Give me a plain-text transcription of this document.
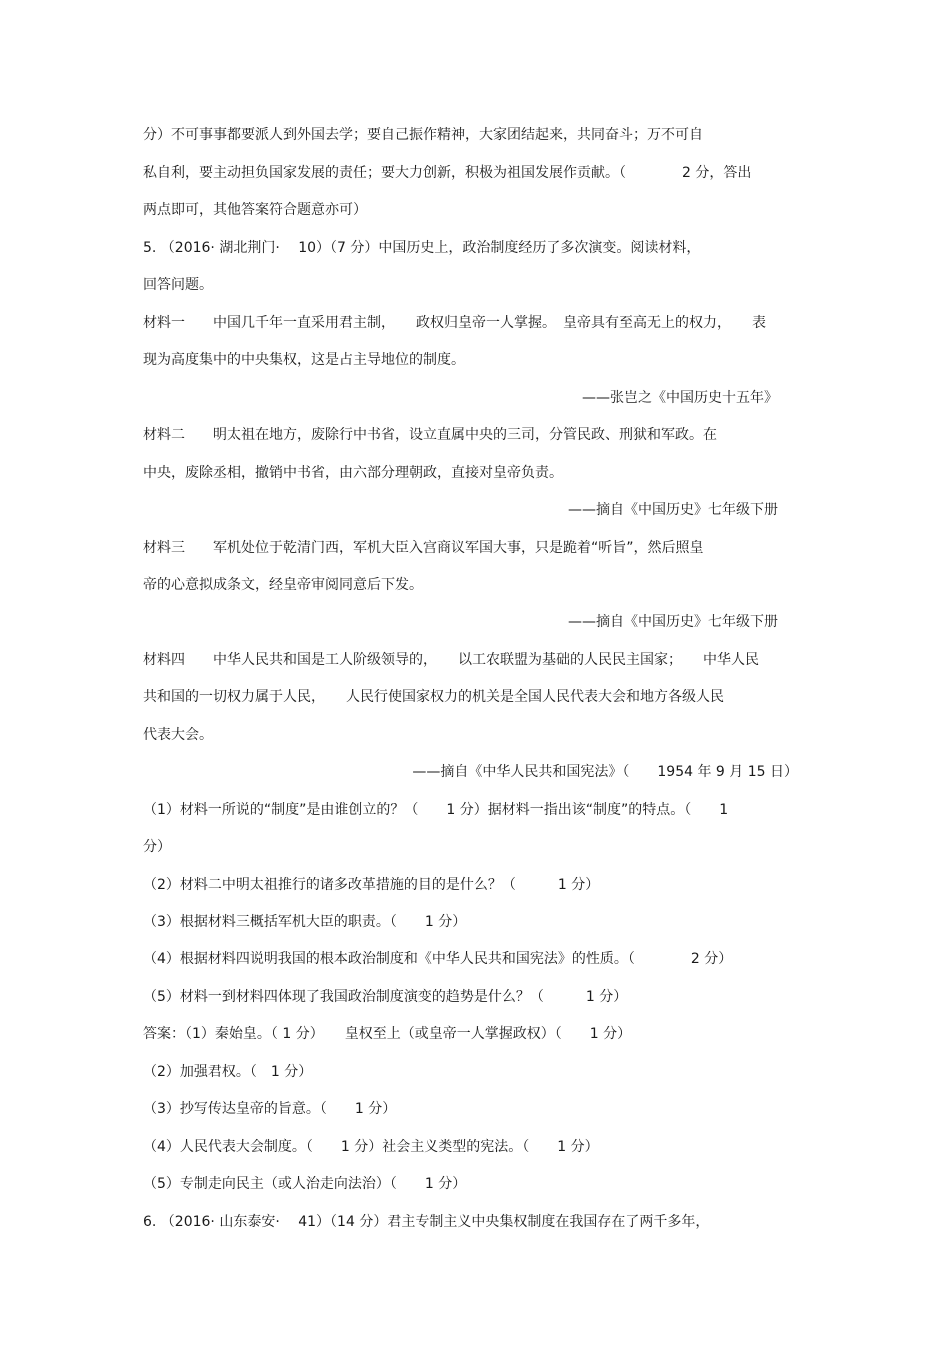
分）不可事事都要派人到外国去学；要自己振作精神，大家团结起来，共同奋斗；万不可自
私自利，要主动担负国家发展的责任；要大力创新，积极为祖国发展作贡献。（　　　　2 分，答出
两点即可，其他答案符合题意亦可）
5. （2016· 湖北荆门· 　10）（7 分）中国历史上，政治制度经历了多次演变。阅读材料，
回答问题。
材料一　　中国几千年一直采用君主制，　　政权归皇帝一人掌握。　皇帝具有至高无上的权力，　　表
现为高度集中的中央集权，这是占主导地位的制度。
——张岂之《中国历史十五年》
材料二　　明太祖在地方，废除行中书省，设立直属中央的三司，分管民政、刑狱和军政。在
中央，废除丞相，撤销中书省，由六部分理朝政，直接对皇帝负责。
——摘自《中国历史》七年级下册
材料三　　军机处位于乾清门西，军机大臣入宫商议军国大事，只是跪着“听旨”，然后照皇
帝的心意拟成条文，经皇帝审阅同意后下发。
——摘自《中国历史》七年级下册
材料四　　中华人民共和国是工人阶级领导的，　　以工农联盟为基础的人民民主国家；　　中华人民
共和国的一切权力属于人民，　　人民行使国家权力的机关是全国人民代表大会和地方各级人民
代表大会。
——摘自《中华人民共和国宪法》（　　1954 年 9 月 15 日）
（1）材料一所说的“制度”是由谁创立的？（　　1 分）据材料一指出该“制度”的特点。（　　1
分）
（2）材料二中明太祖推行的诸多改革措施的目的是什么？（　　　1 分）
（3）根据材料三概括军机大臣的职责。（　　1 分）
（4）根据材料四说明我国的根本政治制度和《中华人民共和国宪法》的性质。（　　　　2 分）
（5）材料一到材料四体现了我国政治制度演变的趋势是什么？（　　　1 分）
答案：（1）秦始皇。（ 1 分）　　皇权至上（或皇帝一人掌握政权）（　　1 分）
（2）加强君权。（　1 分）
（3）抄写传达皇帝的旨意。（　　1 分）
（4）人民代表大会制度。（　　1 分）社会主义类型的宪法。（　　1 分）
（5）专制走向民主（或人治走向法治）（　　1 分）
6. （2016· 山东泰安· 　41）（14 分）君主专制主义中央集权制度在我国存在了两千多年，
